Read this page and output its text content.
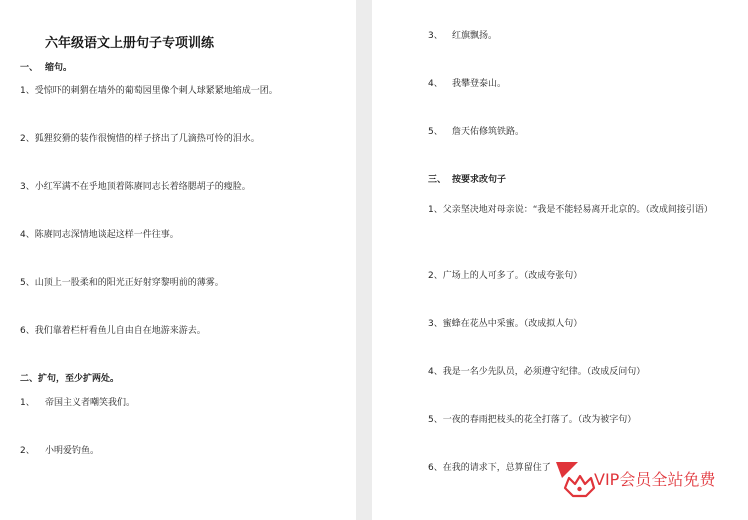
六年级语文上册句子专项训练
一、 缩句。
1、受惊吓的刺猬在墙外的葡萄园里像个刺人球紧紧地缩成一团。
2、狐狸狡猾的装作很惋惜的样子挤出了几滴热可怜的泪水。
3、小红军满不在乎地顶着陈赓同志长着络腮胡子的瘦脸。
4、陈赓同志深情地谈起这样一件往事。
5、山顶上一股柔和的阳光正好射穿黎明前的薄雾。
6、我们靠着栏杆看鱼儿自由自在地游来游去。
二、扩句，至少扩两处。
1、 帝国主义者嘲笑我们。
2、 小明爱钓鱼。
3、 红旗飘扬。
4、 我攀登泰山。
5、 詹天佑修筑铁路。
三、 按要求改句子
1、父亲坚决地对母亲说：“我是不能轻易离开北京的。（改成间接引语）
2、广场上的人可多了。（改成夸张句）
3、蜜蜂在花丛中采蜜。（改成拟人句）
4、我是一名少先队员，必须遵守纪律。（改成反问句）
5、一夜的春雨把枝头的花全打落了。（改为被字句）
6、在我的请求下，总算留住了
VIP会员全站免费
